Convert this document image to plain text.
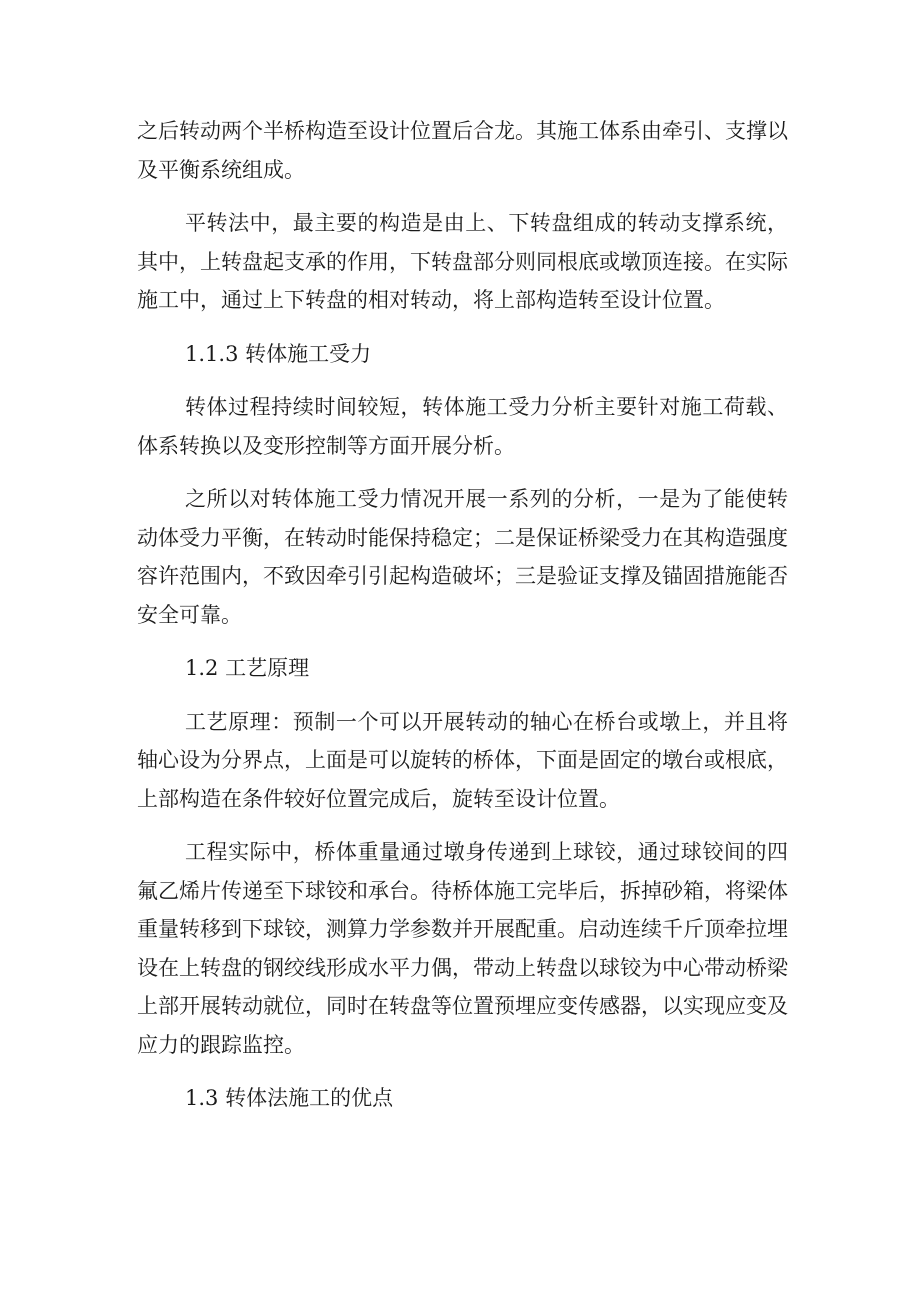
之后转动两个半桥构造至设计位置后合龙。其施工体系由牵引、支撑以及平衡系统组成。

平转法中，最主要的构造是由上、下转盘组成的转动支撑系统，其中，上转盘起支承的作用，下转盘部分则同根底或墩顶连接。在实际施工中，通过上下转盘的相对转动，将上部构造转至设计位置。

1.1.3 转体施工受力

转体过程持续时间较短，转体施工受力分析主要针对施工荷载、体系转换以及变形控制等方面开展分析。

之所以对转体施工受力情况开展一系列的分析，一是为了能使转动体受力平衡，在转动时能保持稳定；二是保证桥梁受力在其构造强度容许范围内，不致因牵引引起构造破坏；三是验证支撑及锚固措施能否安全可靠。

1.2 工艺原理

工艺原理：预制一个可以开展转动的轴心在桥台或墩上，并且将轴心设为分界点，上面是可以旋转的桥体，下面是固定的墩台或根底，上部构造在条件较好位置完成后，旋转至设计位置。

工程实际中，桥体重量通过墩身传递到上球铰，通过球铰间的四氟乙烯片传递至下球铰和承台。待桥体施工完毕后，拆掉砂箱，将梁体重量转移到下球铰，测算力学参数并开展配重。启动连续千斤顶牵拉埋设在上转盘的钢绞线形成水平力偶，带动上转盘以球铰为中心带动桥梁上部开展转动就位，同时在转盘等位置预埋应变传感器，以实现应变及应力的跟踪监控。

1.3 转体法施工的优点
